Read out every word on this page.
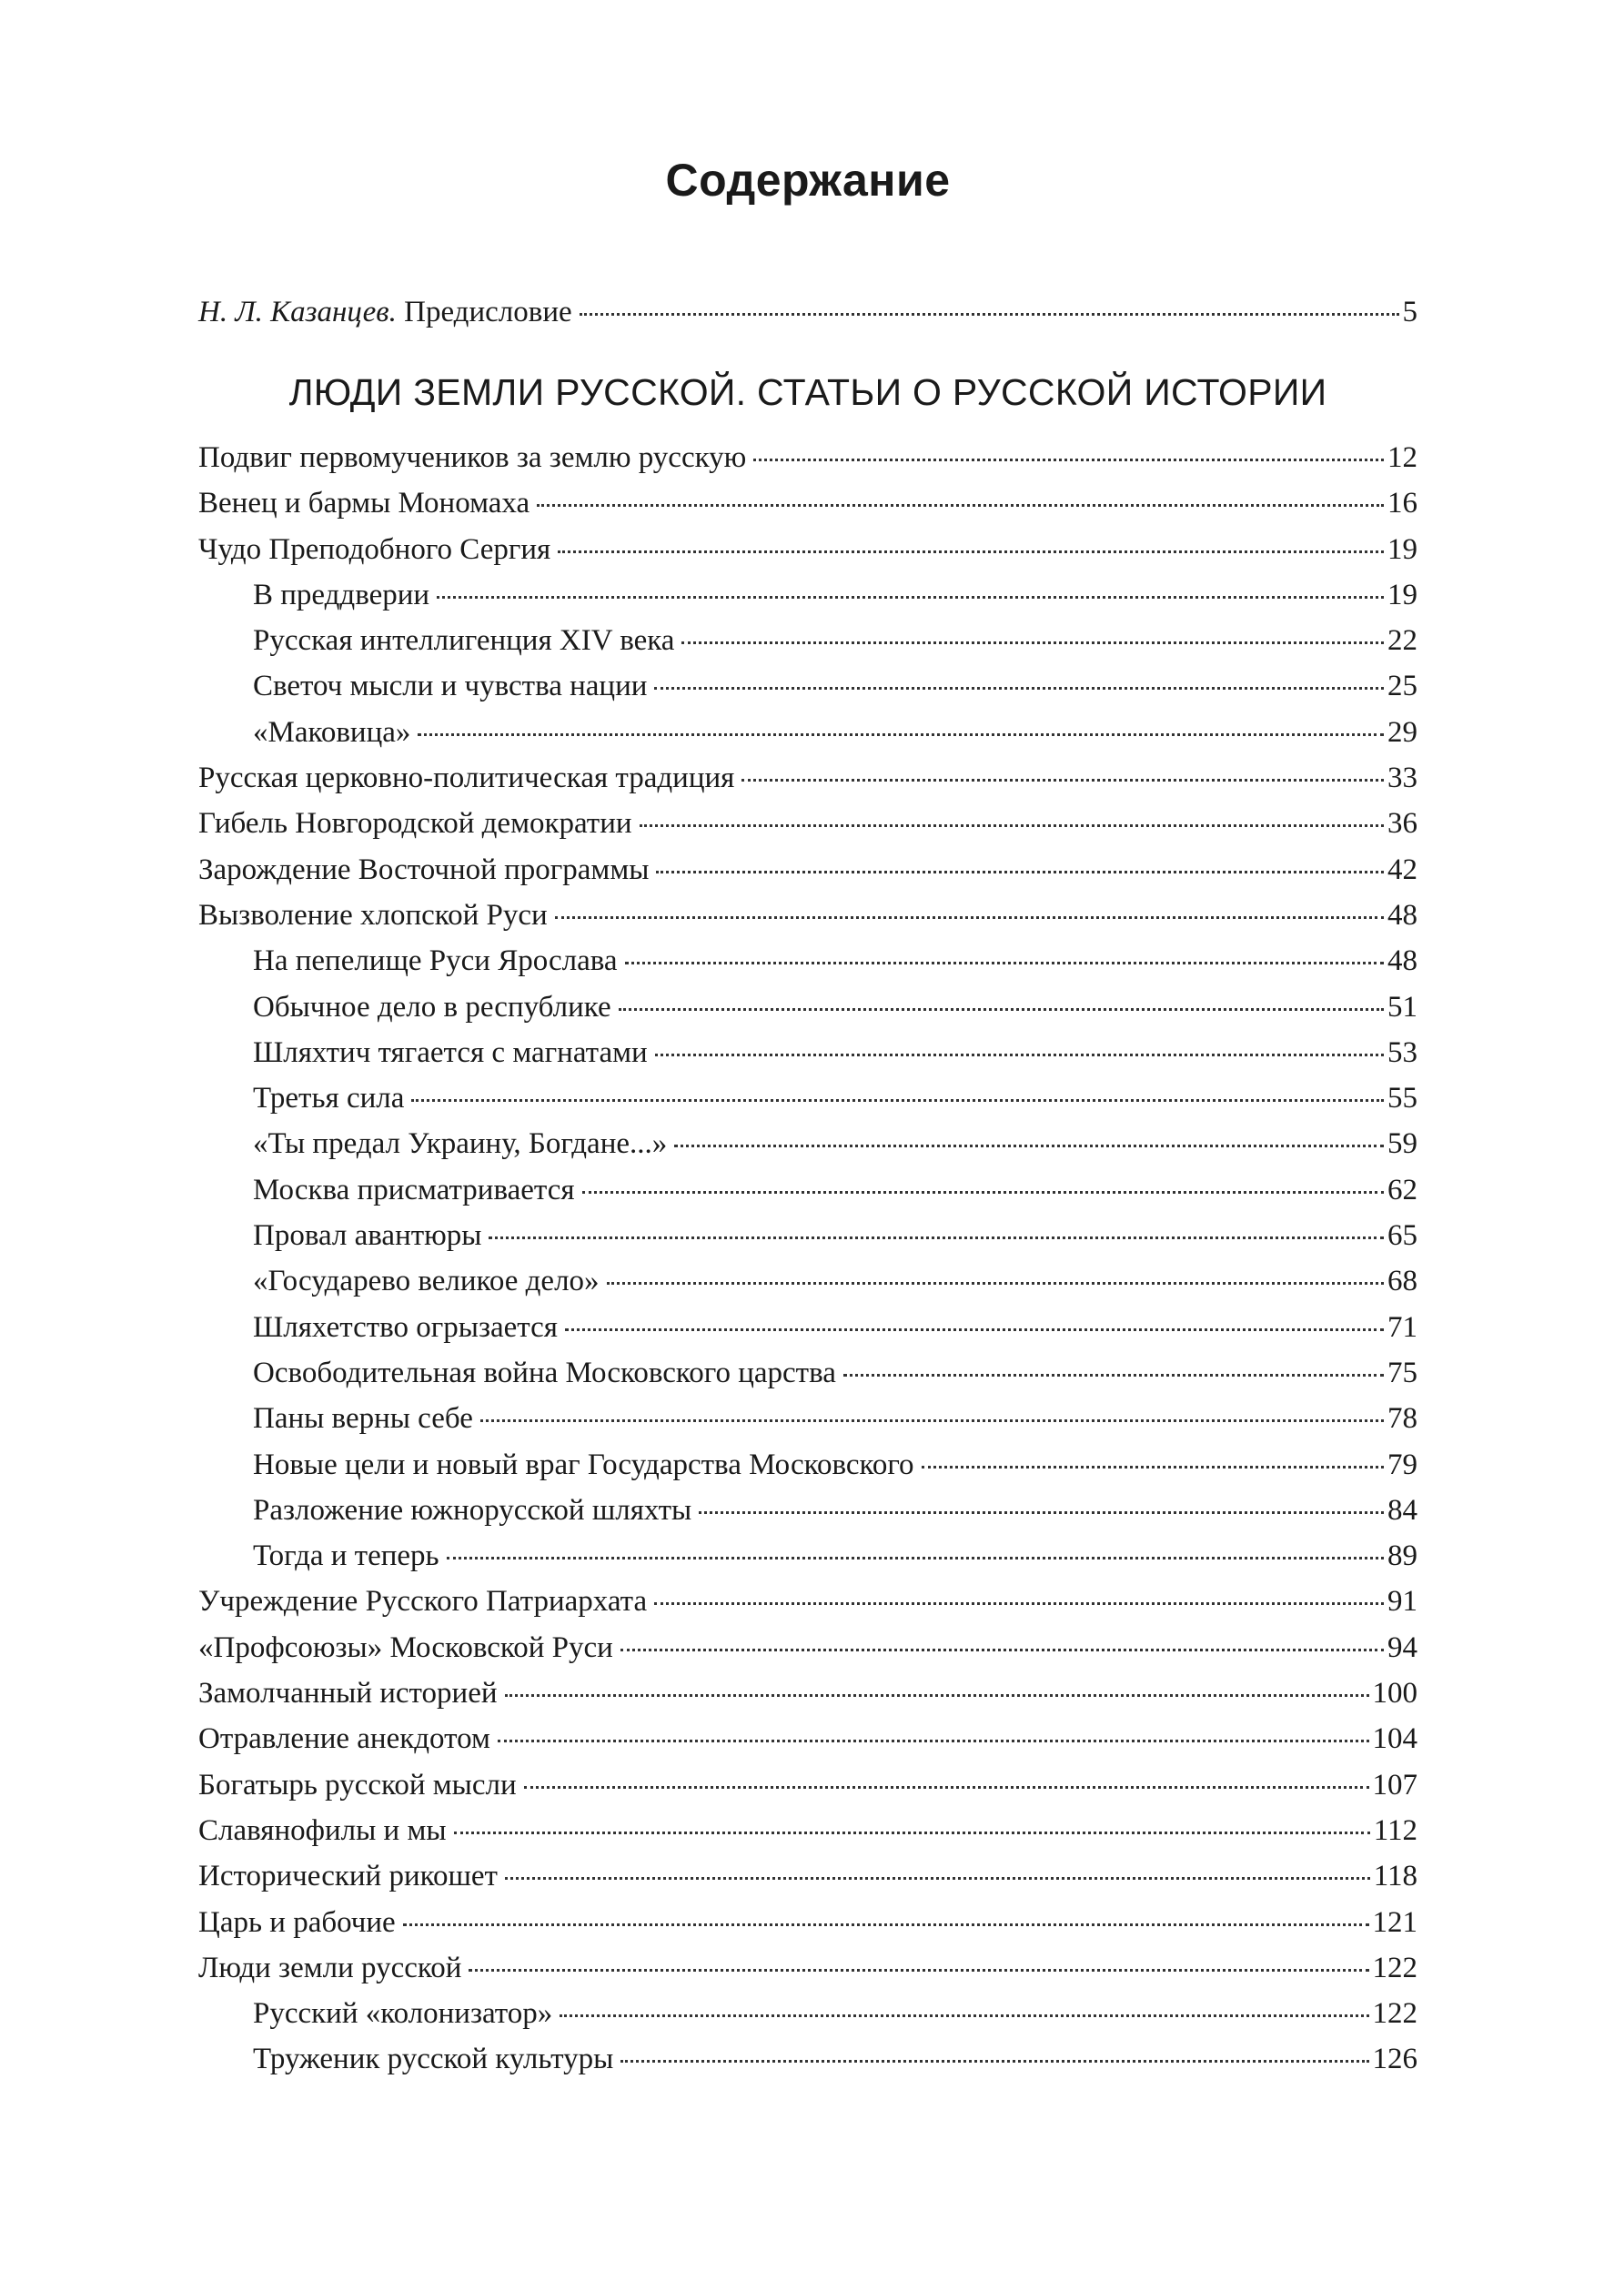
Содержание
Н. Л. Казанцев. Предисловие	5
ЛЮДИ ЗЕМЛИ РУССКОЙ. СТАТЬИ О РУССКОЙ ИСТОРИИ
Подвиг первомучеников за землю русскую	12
Венец и бармы Мономаха	16
Чудо Преподобного Сергия	19
В преддверии	19
Русская интеллигенция XIV века	22
Светоч мысли и чувства нации	25
«Маковица»	29
Русская церковно-политическая традиция	33
Гибель Новгородской демократии	36
Зарождение Восточной программы	42
Вызволение хлопской Руси	48
На пепелище Руси Ярослава	48
Обычное дело в республике	51
Шляхтич тягается с магнатами	53
Третья сила	55
«Ты предал Украину, Богдане...»	59
Москва присматривается	62
Провал авантюры	65
«Государево великое дело»	68
Шляхетство огрызается	71
Освободительная война Московского царства	75
Паны верны себе	78
Новые цели и новый враг Государства Московского	79
Разложение южнорусской шляхты	84
Тогда и теперь	89
Учреждение Русского Патриархата	91
«Профсоюзы» Московской Руси	94
Замолчанный историей	100
Отравление анекдотом	104
Богатырь русской мысли	107
Славянофилы и мы	112
Исторический рикошет	118
Царь и рабочие	121
Люди земли русской	122
Русский «колонизатор»	122
Труженик русской культуры	126
